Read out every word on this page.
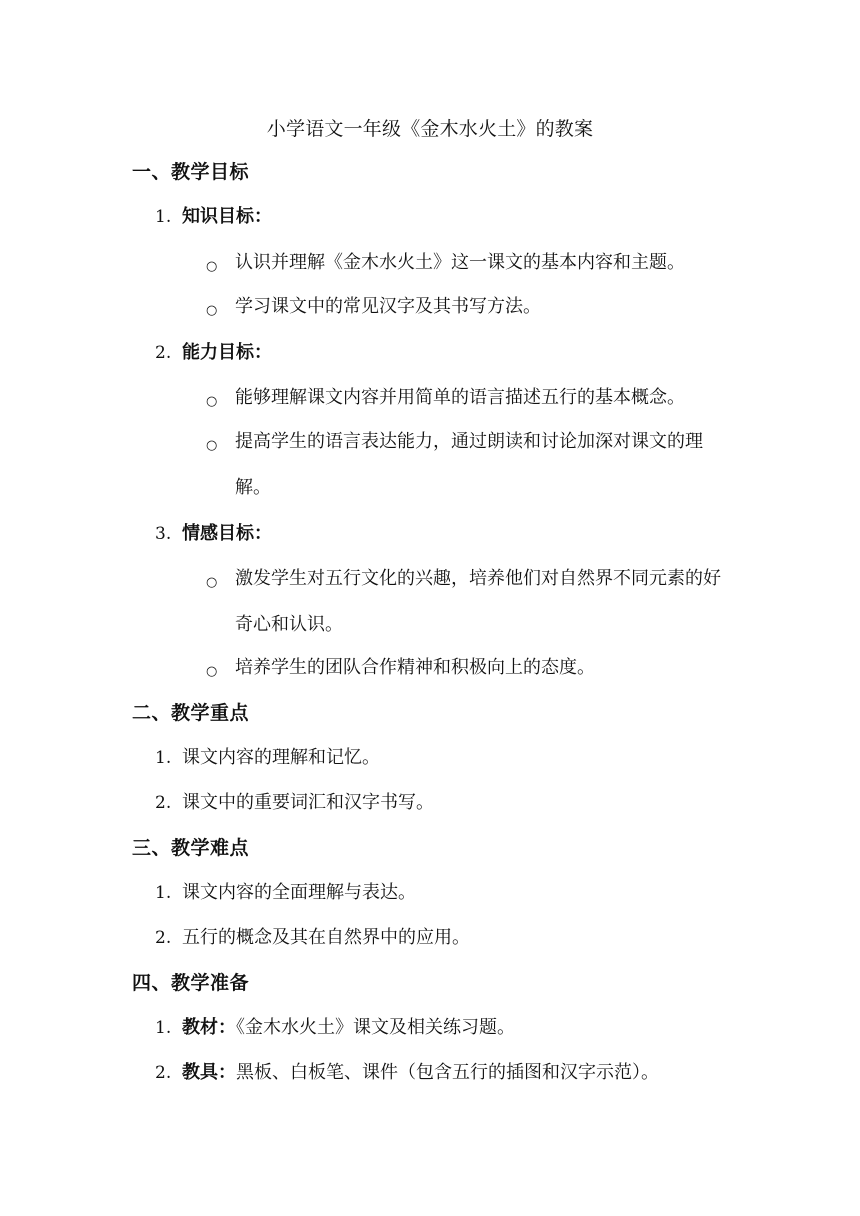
小学语文一年级《金木水火土》的教案
一、教学目标
1. 知识目标：
○ 认识并理解《金木水火土》这一课文的基本内容和主题。
○ 学习课文中的常见汉字及其书写方法。
2. 能力目标：
○ 能够理解课文内容并用简单的语言描述五行的基本概念。
○ 提高学生的语言表达能力，通过朗读和讨论加深对课文的理解。
3. 情感目标：
○ 激发学生对五行文化的兴趣，培养他们对自然界不同元素的好奇心和认识。
○ 培养学生的团队合作精神和积极向上的态度。
二、教学重点
1. 课文内容的理解和记忆。
2. 课文中的重要词汇和汉字书写。
三、教学难点
1. 课文内容的全面理解与表达。
2. 五行的概念及其在自然界中的应用。
四、教学准备
1. 教材：《金木水火土》课文及相关练习题。
2. 教具：黑板、白板笔、课件（包含五行的插图和汉字示范）。
